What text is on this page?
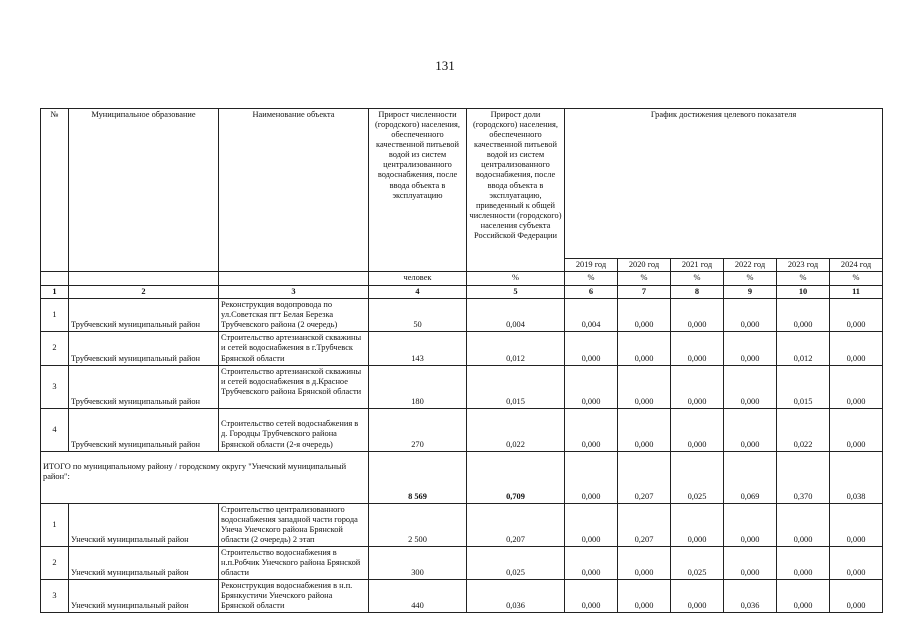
131
№	Муниципальное образование	Наименование объекта	Прирост численности (городского) населения, обеспеченного качественной питьевой водой из систем централизованного водоснабжения, после ввода объекта в эксплуатацию	Прирост доли (городского) населения, обеспеченного качественной питьевой водой из систем централизованного водоснабжения, после ввода объекта в эксплуатацию, приведенный к общей численности (городского) населения субъекта Российской Федерации	График достижения целевого показателя					
					2019 год	2020 год	2021 год	2022 год	2023 год	2024 год
			человек	%	%	%	%	%	%	%
1	2	3	4	5	6	7	8	9	10	11
1	Трубчевский муниципальный район	Реконструкция водопровода по ул.Советская пгт Белая Березка Трубчевского района (2 очередь)	50	0,004	0,004	0,000	0,000	0,000	0,000	0,000
2	Трубчевский муниципальный район	Строительство артезианской скважины и сетей водоснабжения в г.Трубчевск Брянской области	143	0,012	0,000	0,000	0,000	0,000	0,012	0,000
3	Трубчевский муниципальный район	Строительство артезианской скважины и сетей водоснабжения в д.Красное Трубчевского района Брянской области	180	0,015	0,000	0,000	0,000	0,000	0,015	0,000
4	Трубчевский муниципальный район	Строительство сетей водоснабжения в д. Городцы Трубчевского района Брянской области (2-я очередь)	270	0,022	0,000	0,000	0,000	0,000	0,022	0,000

ИТОГО по муниципальному району / городскому округу "Унечский муниципальный район":			8 569	0,709	0,000	0,207	0,025	0,069	0,370	0,038
1	Унечский муниципальный район	Строительство централизованного водоснабжения западной части города Унеча Унечского района Брянской области (2 очередь) 2 этап	2 500	0,207	0,000	0,207	0,000	0,000	0,000	0,000
2	Унечский муниципальный район	Строительство водоснабжения в н.п.Робчик Унечского района Брянской области	300	0,025	0,000	0,000	0,025	0,000	0,000	0,000
3	Унечский муниципальный район	Реконструкция водоснабжения в н.п. Брянкустичи Унечского района Брянской области	440	0,036	0,000	0,000	0,000	0,036	0,000	0,000
